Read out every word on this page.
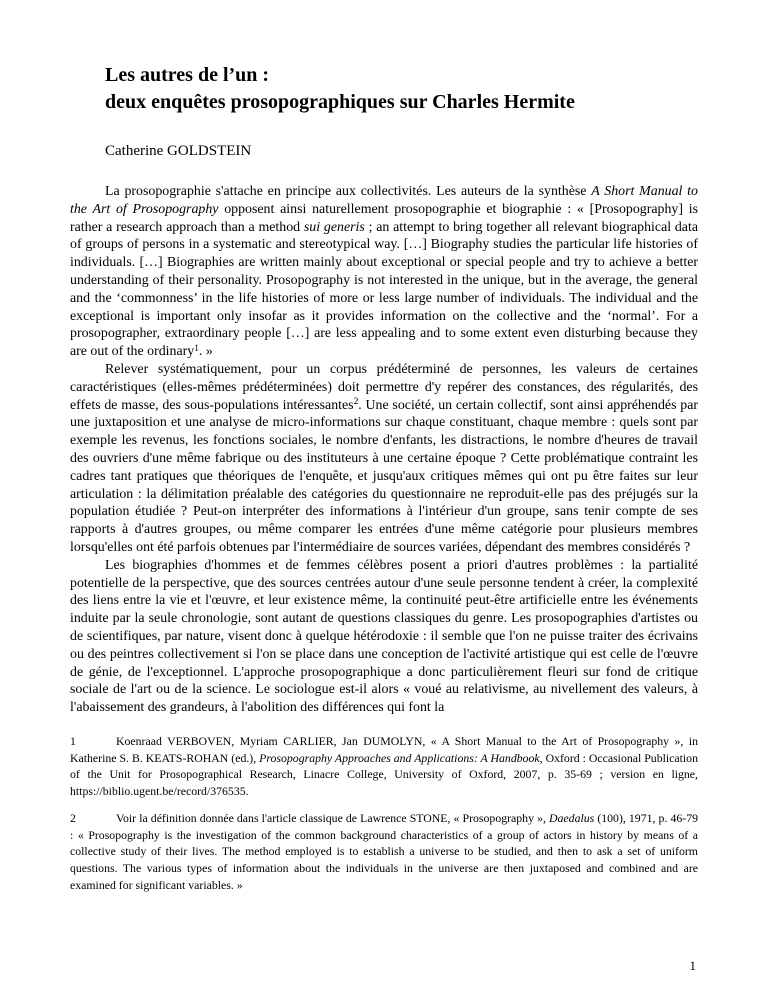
Les autres de l’un :
deux enquêtes prosopographiques sur Charles Hermite
Catherine GOLDSTEIN

La prosopographie s'attache en principe aux collectivités. Les auteurs de la synthèse A Short Manual to the Art of Prosopography opposent ainsi naturellement prosopographie et biographie : « [Prosopography] is rather a research approach than a method sui generis ; an attempt to bring together all relevant biographical data of groups of persons in a systematic and stereotypical way. […] Biography studies the particular life histories of individuals. […] Biographies are written mainly about exceptional or special people and try to achieve a better understanding of their personality. Prosopography is not interested in the unique, but in the average, the general and the ‘commonness’ in the life histories of more or less large number of individuals. The individual and the exceptional is important only insofar as it provides information on the collective and the ‘normal’. For a prosopographer, extraordinary people […] are less appealing and to some extent even disturbing because they are out of the ordinary$^1$. »

Relever systématiquement, pour un corpus prédéterminé de personnes, les valeurs de certaines caractéristiques (elles-mêmes prédéterminées) doit permettre d'y repérer des constances, des régularités, des effets de masse, des sous-populations intéressantes$^2$. Une société, un certain collectif, sont ainsi appréhendés par une juxtaposition et une analyse de micro-informations sur chaque constituant, chaque membre : quels sont par exemple les revenus, les fonctions sociales, le nombre d'enfants, les distractions, le nombre d'heures de travail des ouvriers d'une même fabrique ou des instituteurs à une certaine époque ? Cette problématique contraint les cadres tant pratiques que théoriques de l'enquête, et jusqu'aux critiques mêmes qui ont pu être faites sur leur articulation : la délimitation préalable des catégories du questionnaire ne reproduit-elle pas des préjugés sur la population étudiée ? Peut-on interpréter des informations à l'intérieur d'un groupe, sans tenir compte de ses rapports à d'autres groupes, ou même comparer les entrées d'une même catégorie pour plusieurs membres lorsqu'elles ont été parfois obtenues par l'intermédiaire de sources variées, dépendant des membres considérés ?

Les biographies d'hommes et de femmes célèbres posent a priori d'autres problèmes : la partialité potentielle de la perspective, que des sources centrées autour d'une seule personne tendent à créer, la complexité des liens entre la vie et l'œuvre, et leur existence même, la continuité peut-être artificielle entre les événements induite par la seule chronologie, sont autant de questions classiques du genre. Les prosopographies d'artistes ou de scientifiques, par nature, visent donc à quelque hétérodoxie : il semble que l'on ne puisse traiter des écrivains ou des peintres collectivement si l'on se place dans une conception de l'activité artistique qui est celle de l'œuvre de génie, de l'exceptionnel. L'approche prosopographique a donc particulièrement fleuri sur fond de critique sociale de l'art ou de la science. Le sociologue est-il alors « voué au relativisme, au nivellement des valeurs, à l'abaissement des grandeurs, à l'abolition des différences qui font la

1	Koenraad VERBOVEN, Myriam CARLIER, Jan DUMOLYN, « A Short Manual to the Art of Prosopography », in Katherine S. B. KEATS-ROHAN (ed.), Prosopography Approaches and Applications: A Handbook, Oxford : Occasional Publication of the Unit for Prosopographical Research, Linacre College, University of Oxford, 2007, p. 35-69 ; version en ligne, https://biblio.ugent.be/record/376535.
2	Voir la définition donnée dans l'article classique de Lawrence STONE, « Prosopography », Daedalus (100), 1971, p. 46-79 : « Prosopography is the investigation of the common background characteristics of a group of actors in history by means of a collective study of their lives. The method employed is to establish a universe to be studied, and then to ask a set of uniform questions. The various types of information about the individuals in the universe are then juxtaposed and combined and are examined for significant variables. »
1
